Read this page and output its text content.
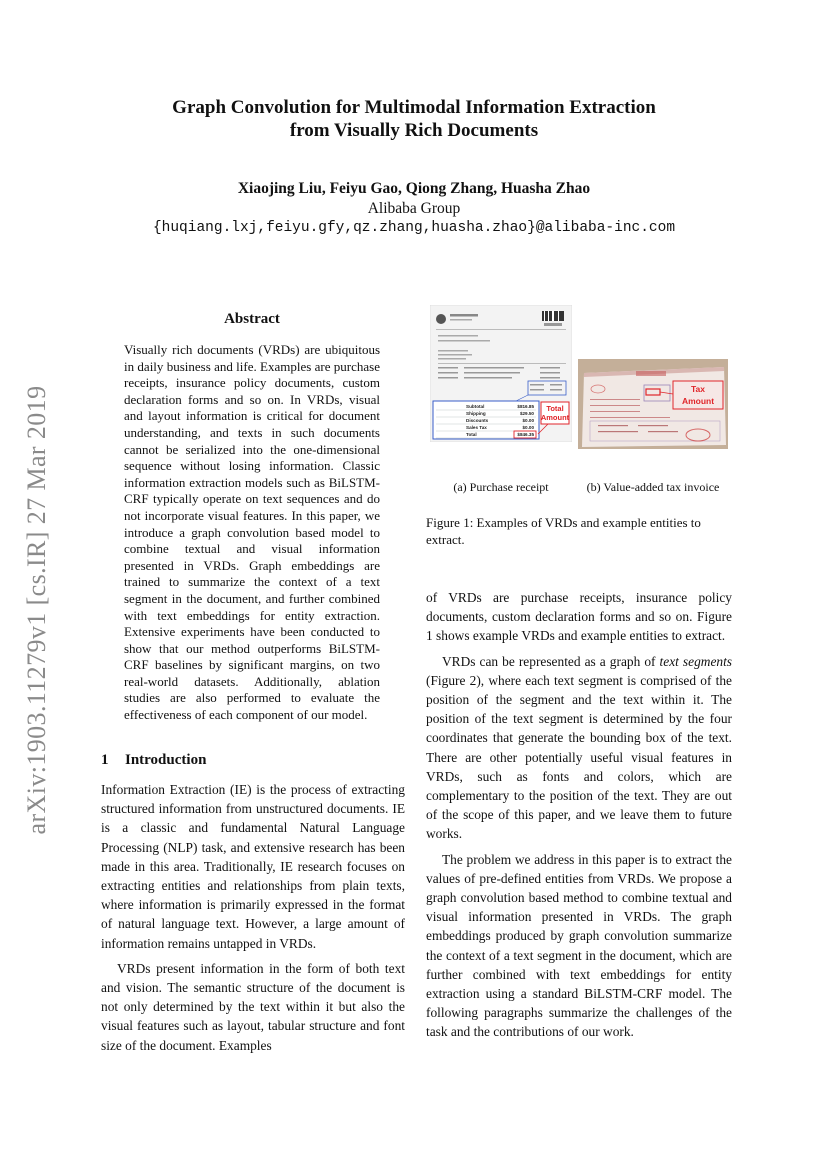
Graph Convolution for Multimodal Information Extraction
from Visually Rich Documents
Xiaojing Liu, Feiyu Gao, Qiong Zhang, Huasha Zhao
Alibaba Group
{huqiang.lxj,feiyu.gfy,qz.zhang,huasha.zhao}@alibaba-inc.com
arXiv:1903.11279v1 [cs.IR] 27 Mar 2019
Abstract

Visually rich documents (VRDs) are ubiquitous in daily business and life. Examples are purchase receipts, insurance policy documents, custom declaration forms and so on. In VRDs, visual and layout information is critical for document understanding, and texts in such documents cannot be serialized into the one-dimensional sequence without losing information. Classic information extraction models such as BiLSTM-CRF typically operate on text sequences and do not incorporate visual features. In this paper, we introduce a graph convolution based model to combine textual and visual information presented in VRDs. Graph embeddings are trained to summarize the context of a text segment in the document, and further combined with text embeddings for entity extraction. Extensive experiments have been conducted to show that our method outperforms BiLSTM-CRF baselines by significant margins, on two real-world datasets. Additionally, ablation studies are also performed to evaluate the effectiveness of each component of our model.

1 Introduction

Information Extraction (IE) is the process of extracting structured information from unstructured documents. IE is a classic and fundamental Natural Language Processing (NLP) task, and extensive research has been made in this area. Traditionally, IE research focuses on extracting entities and relationships from plain texts, where information is primarily expressed in the format of natural language text. However, a large amount of information remains untapped in VRDs.

VRDs present information in the form of both text and vision. The semantic structure of the document is not only determined by the text within it but also the visual features such as layout, tabular structure and font size of the document. Examples

of VRDs are purchase receipts, insurance policy documents, custom declaration forms and so on. Figure 1 shows example VRDs and example entities to extract.

VRDs can be represented as a graph of text segments (Figure 2), where each text segment is comprised of the position of the segment and the text within it. The position of the text segment is determined by the four coordinates that generate the bounding box of the text. There are other potentially useful visual features in VRDs, such as fonts and colors, which are complementary to the position of the text. They are out of the scope of this paper, and we leave them to future works.

The problem we address in this paper is to extract the values of pre-defined entities from VRDs. We propose a graph convolution based method to combine textual and visual information presented in VRDs. The graph embeddings produced by graph convolution summarize the context of a text segment in the document, which are further combined with text embeddings for entity extraction using a standard BiLSTM-CRF model. The following paragraphs summarize the challenges of the task and the contributions of our work.

Subtotal	$816.85
Shipping	$29.50
Discounts	$0.00
Sales Tax	$0.00
Total	$846.35
Total
Amount
Tax
Amount
(a) Purchase receipt	(b) Value-added tax invoice
Figure 1: Examples of VRDs and example entities to extract.
